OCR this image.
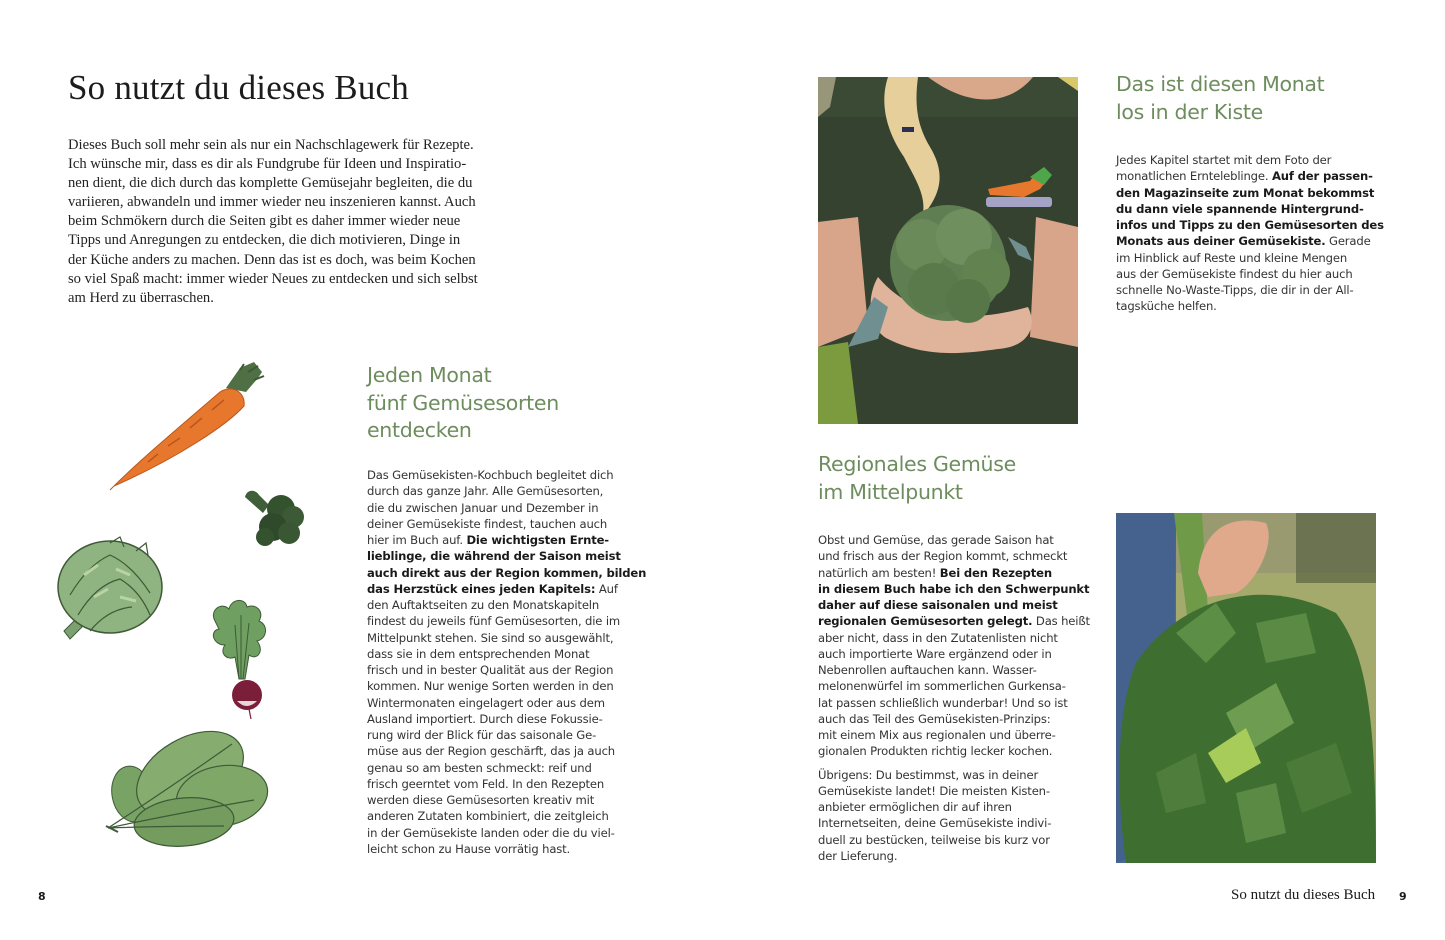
So nutzt du dieses Buch
Dieses Buch soll mehr sein als nur ein Nachschlagewerk für Rezepte.
Ich wünsche mir, dass es dir als Fundgrube für Ideen und Inspiratio-
nen dient, die dich durch das komplette Gemüsejahr begleiten, die du
variieren, abwandeln und immer wieder neu inszenieren kannst. Auch
beim Schmökern durch die Seiten gibt es daher immer wieder neue
Tipps und Anregungen zu entdecken, die dich motivieren, Dinge in
der Küche anders zu machen. Denn das ist es doch, was beim Kochen
so viel Spaß macht: immer wieder Neues zu entdecken und sich selbst
am Herd zu überraschen.
Jeden Monat
fünf Gemüsesorten
entdecken
Das Gemüsekisten-Kochbuch begleitet dich
durch das ganze Jahr. Alle Gemüsesorten,
die du zwischen Januar und Dezember in
deiner Gemüsekiste findest, tauchen auch
hier im Buch auf. Die wichtigsten Ernte-
lieblinge, die während der Saison meist
auch direkt aus der Region kommen, bilden
das Herzstück eines jeden Kapitels: Auf
den Auftaktseiten zu den Monatskapiteln
findest du jeweils fünf Gemüsesorten, die im
Mittelpunkt stehen. Sie sind so ausgewählt,
dass sie in dem entsprechenden Monat
frisch und in bester Qualität aus der Region
kommen. Nur wenige Sorten werden in den
Wintermonaten eingelagert oder aus dem
Ausland importiert. Durch diese Fokussie-
rung wird der Blick für das saisonale Ge-
müse aus der Region geschärft, das ja auch
genau so am besten schmeckt: reif und
frisch geerntet vom Feld. In den Rezepten
werden diese Gemüsesorten kreativ mit
anderen Zutaten kombiniert, die zeitgleich
in der Gemüsekiste landen oder die du viel-
leicht schon zu Hause vorrätig hast.
8
Das ist diesen Monat
los in der Kiste
Jedes Kapitel startet mit dem Foto der
monatlichen Ernteleblinge. Auf der passen-
den Magazinseite zum Monat bekommst
du dann viele spannende Hintergrund-
infos und Tipps zu den Gemüsesorten des
Monats aus deiner Gemüsekiste. Gerade
im Hinblick auf Reste und kleine Mengen
aus der Gemüsekiste findest du hier auch
schnelle No-Waste-Tipps, die dir in der All-
tagsküche helfen.
Regionales Gemüse
im Mittelpunkt
Obst und Gemüse, das gerade Saison hat
und frisch aus der Region kommt, schmeckt
natürlich am besten! Bei den Rezepten
in diesem Buch habe ich den Schwerpunkt
daher auf diese saisonalen und meist
regionalen Gemüsesorten gelegt. Das heißt
aber nicht, dass in den Zutatenlisten nicht
auch importierte Ware ergänzend oder in
Nebenrollen auftauchen kann. Wasser-
melonenwürfel im sommerlichen Gurkensa-
lat passen schließlich wunderbar! Und so ist
auch das Teil des Gemüsekisten-Prinzips:
mit einem Mix aus regionalen und überre-
gionalen Produkten richtig lecker kochen.
Übrigens: Du bestimmst, was in deiner
Gemüsekiste landet! Die meisten Kisten-
anbieter ermöglichen dir auf ihren
Internetseiten, deine Gemüsekiste indivi-
duell zu bestücken, teilweise bis kurz vor
der Lieferung.
So nutzt du dieses Buch 9
